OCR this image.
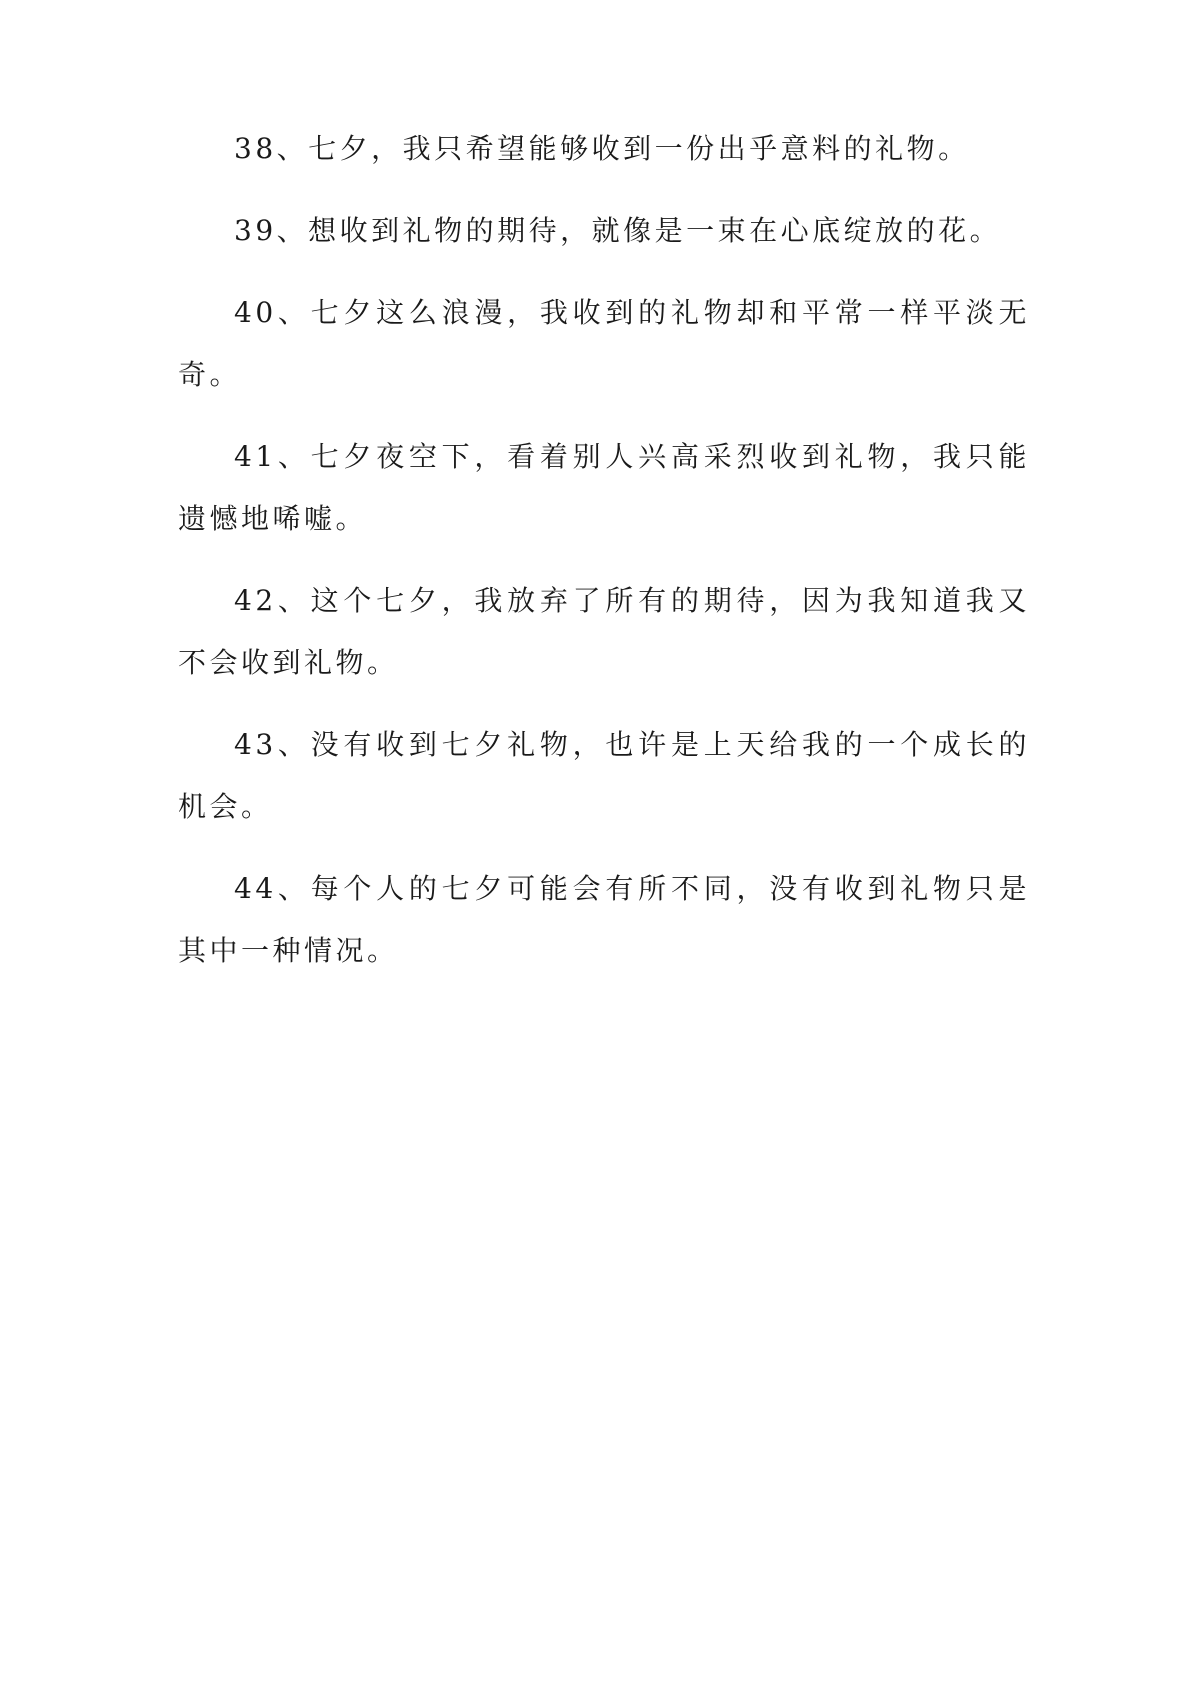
38、七夕，我只希望能够收到一份出乎意料的礼物。

39、想收到礼物的期待，就像是一束在心底绽放的花。

40、七夕这么浪漫，我收到的礼物却和平常一样平淡无奇。

41、七夕夜空下，看着别人兴高采烈收到礼物，我只能遗憾地唏嘘。

42、这个七夕，我放弃了所有的期待，因为我知道我又不会收到礼物。

43、没有收到七夕礼物，也许是上天给我的一个成长的机会。

44、每个人的七夕可能会有所不同，没有收到礼物只是其中一种情况。
